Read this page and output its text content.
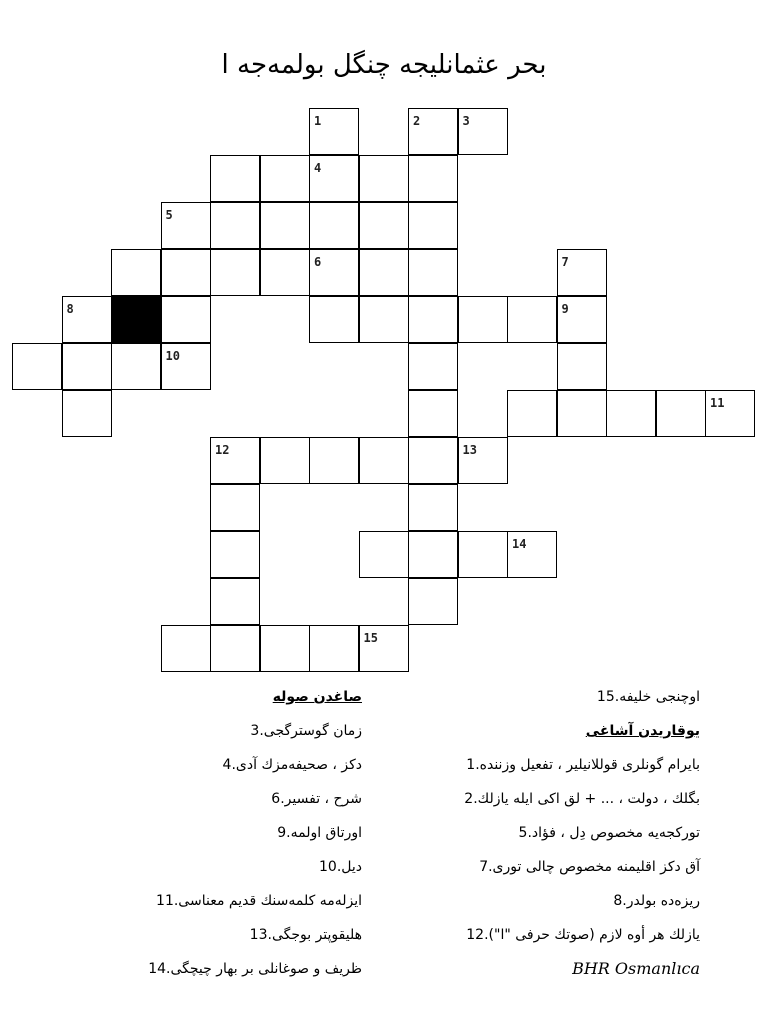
بحر عثمانليجه چنگل بولمه‌جه ا
1	2	3
4
5
6	7
8	9
10
11
12	13
14
15
صاغدن صوله
زمان گوسترگجی.3
دکز ، صحيفه‌مزك آدى.4
شرح ، تفسير.6
اورتاق اولمه.9
ديل.10
ايزله‌مه كلمه‌سنك قديم معناسى.11
هليقوپتر بوجگى.13
ظريف و صوغانلى بر بهار چيچگى.14
اوچنجی خليفه.15
يوقاريدن آشاغى
بايرام گونلرى قوللانيلير ، تفعيل وزننده.1
بگلك ، دولت ، ... + لق اكى ايله يازلك.2
توركجه‌يه مخصوص دِل ، فؤاد.5
آق دكز اقليمنه مخصوص چالى تورى.7
ريزه‌ده بولدر.8
يازلك هر أوه لازم (صوتك حرفى "ا").12
BHR Osmanlıca
